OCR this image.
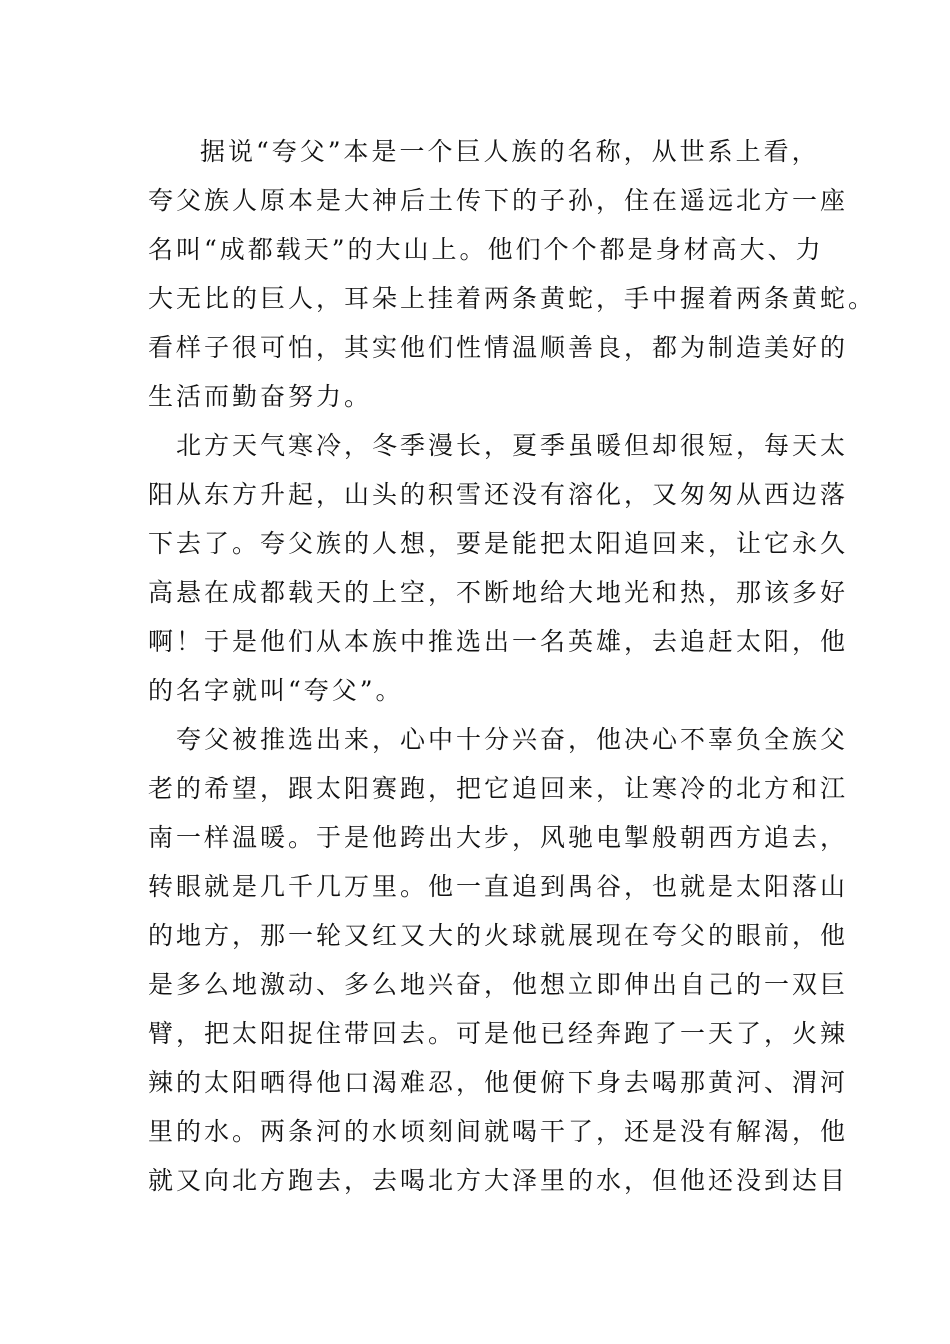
据说“夸父”本是一个巨人族的名称，从世系上看，
夸父族人原本是大神后土传下的子孙，住在遥远北方一座
名叫“成都载天”的大山上。他们个个都是身材高大、力
大无比的巨人，耳朵上挂着两条黄蛇，手中握着两条黄蛇。
看样子很可怕，其实他们性情温顺善良，都为制造美好的
生活而勤奋努力。
北方天气寒冷，冬季漫长，夏季虽暖但却很短，每天太
阳从东方升起，山头的积雪还没有溶化，又匆匆从西边落
下去了。夸父族的人想，要是能把太阳追回来，让它永久
高悬在成都载天的上空，不断地给大地光和热，那该多好
啊！于是他们从本族中推选出一名英雄，去追赶太阳，他
的名字就叫“夸父”。
夸父被推选出来，心中十分兴奋，他决心不辜负全族父
老的希望，跟太阳赛跑，把它追回来，让寒冷的北方和江
南一样温暖。于是他跨出大步，风驰电掣般朝西方追去，
转眼就是几千几万里。他一直追到禺谷，也就是太阳落山
的地方，那一轮又红又大的火球就展现在夸父的眼前，他
是多么地激动、多么地兴奋，他想立即伸出自己的一双巨
臂，把太阳捉住带回去。可是他已经奔跑了一天了，火辣
辣的太阳晒得他口渴难忍，他便俯下身去喝那黄河、渭河
里的水。两条河的水顷刻间就喝干了，还是没有解渴，他
就又向北方跑去，去喝北方大泽里的水，但他还没到达目
